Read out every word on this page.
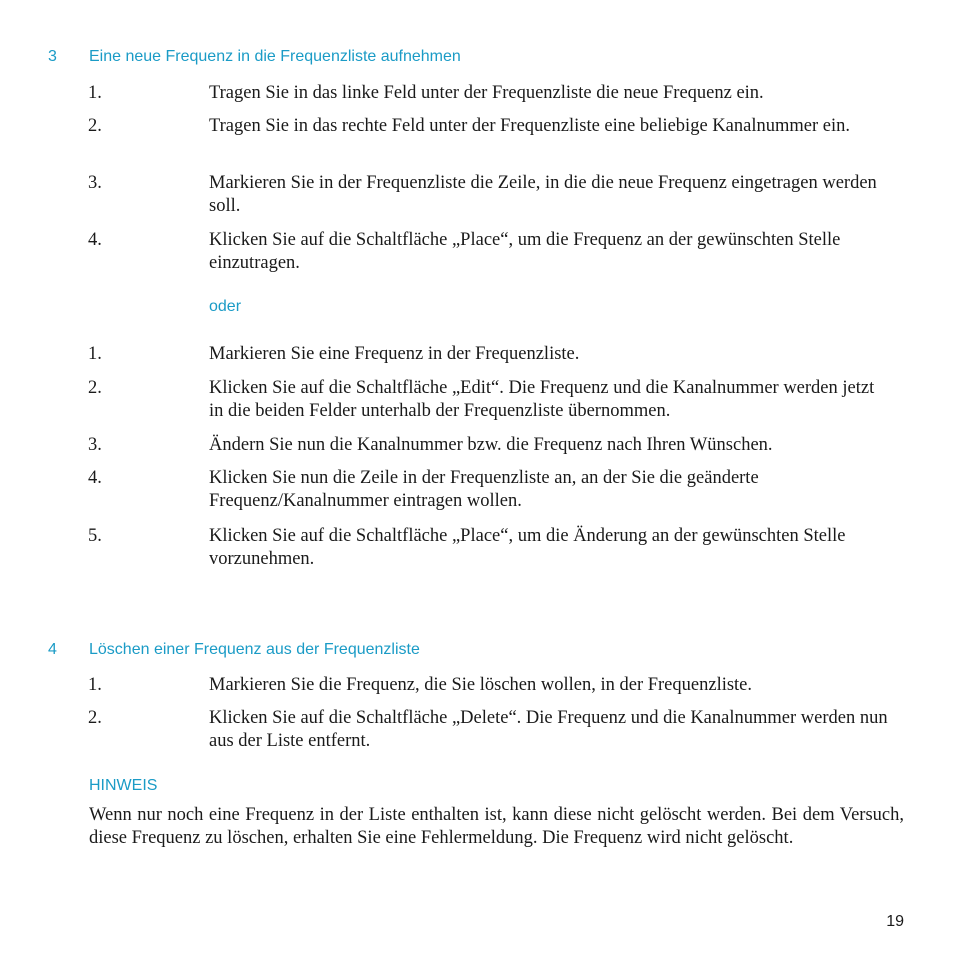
3 Eine neue Frequenz in die Frequenzliste aufnehmen
1.	Tragen Sie in das linke Feld unter der Frequenzliste die neue Frequenz ein.
2.	Tragen Sie in das rechte Feld unter der Frequenzliste eine beliebige Kanalnummer ein.
3.	Markieren Sie in der Frequenzliste die Zeile, in die die neue Frequenz eingetragen werden soll.
4.	Klicken Sie auf die Schaltfläche „Place“, um die Frequenz an der gewünschten Stelle einzutragen.
oder
1.	Markieren Sie eine Frequenz in der Frequenzliste.
2.	Klicken Sie auf die Schaltfläche „Edit“. Die Frequenz und die Kanalnummer werden jetzt in die beiden Felder unterhalb der Frequenzliste übernommen.
3.	Ändern Sie nun die Kanalnummer bzw. die Frequenz nach Ihren Wünschen.
4.	Klicken Sie nun die Zeile in der Frequenzliste an, an der Sie die geänderte Frequenz/Kanalnummer eintragen wollen.
5.	Klicken Sie auf die Schaltfläche „Place“, um die Änderung an der gewünschten Stelle vorzunehmen.
4 Löschen einer Frequenz aus der Frequenzliste
1.	Markieren Sie die Frequenz, die Sie löschen wollen, in der Frequenzliste.
2.	Klicken Sie auf die Schaltfläche „Delete“. Die Frequenz und die Kanalnummer werden nun aus der Liste entfernt.
HINWEIS
Wenn nur noch eine Frequenz in der Liste enthalten ist, kann diese nicht gelöscht werden. Bei dem Versuch, diese Frequenz zu löschen, erhalten Sie eine Fehlermeldung. Die Frequenz wird nicht gelöscht.
19
